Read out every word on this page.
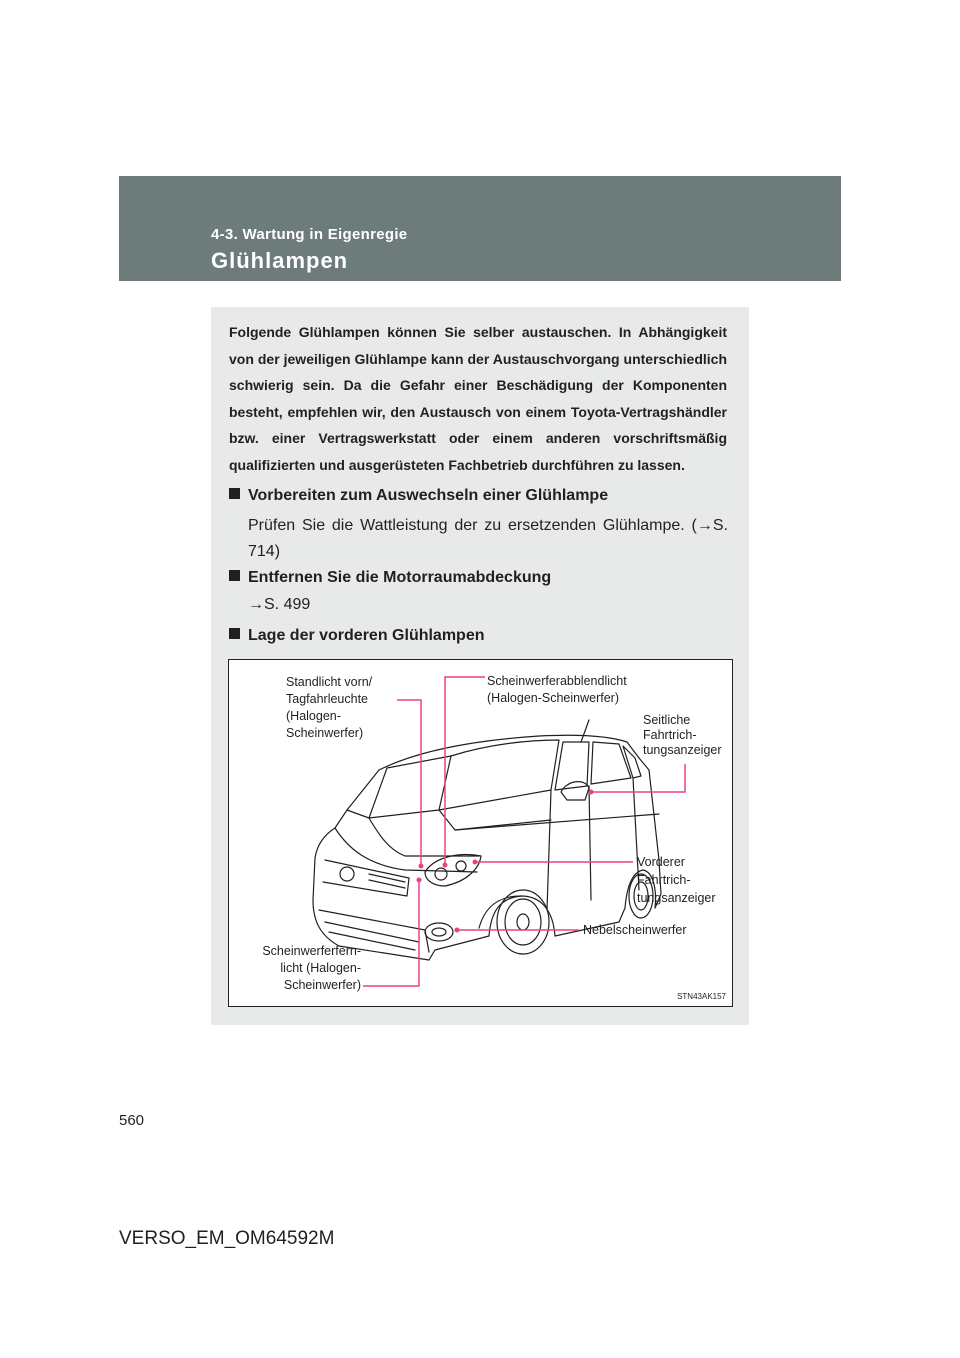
4-3. Wartung in Eigenregie
Glühlampen
Folgende Glühlampen können Sie selber austauschen. In Abhängigkeit von der jeweiligen Glühlampe kann der Austauschvorgang unterschiedlich schwierig sein. Da die Gefahr einer Beschädigung der Komponenten besteht, empfehlen wir, den Austausch von einem Toyota-Vertragshändler bzw. einer Vertragswerkstatt oder einem anderen vorschriftsmäßig qualifizierten und ausgerüsteten Fachbetrieb durchführen zu lassen.
Vorbereiten zum Auswechseln einer Glühlampe
Prüfen Sie die Wattleistung der zu ersetzenden Glühlampe. (→S. 714)
Entfernen Sie die Motorraumabdeckung
→S. 499
Lage der vorderen Glühlampen
Standlicht vorn/
Tagfahrleuchte
(Halogen-
Scheinwerfer)
Scheinwerferabblendlicht
(Halogen-Scheinwerfer)
Seitliche
Fahrtrich-
tungsanzeiger
Vorderer
Fahrtrich-
tungsanzeiger
Nebelscheinwerfer
Scheinwerferfern-
licht (Halogen-
Scheinwerfer)
STN43AK157
560
VERSO_EM_OM64592M
